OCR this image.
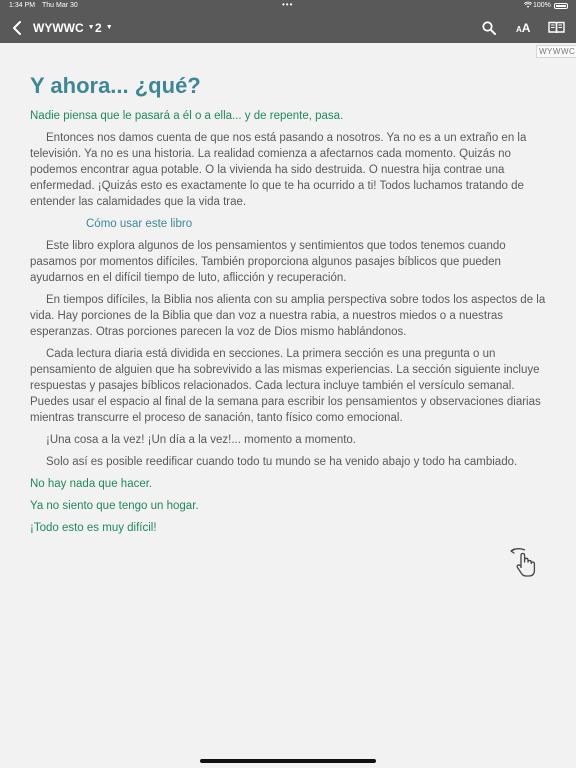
1:34 PM Thu Mar 30	•••	100%
WYWWC ▼ 2 ▼	AA
WYWWC
Y ahora... ¿qué?
Nadie piensa que le pasará a él o a ella... y de repente, pasa.

Entonces nos damos cuenta de que nos está pasando a nosotros. Ya no es a un extraño en la televisión. Ya no es una historia. La realidad comienza a afectarnos cada momento. Quizás no podemos encontrar agua potable. O la vivienda ha sido destruida. O nuestra hija contrae una enfermedad. ¡Quizás esto es exactamente lo que te ha ocurrido a ti! Todos luchamos tratando de entender las calamidades que la vida trae.

Cómo usar este libro

Este libro explora algunos de los pensamientos y sentimientos que todos tenemos cuando pasamos por momentos difíciles. También proporciona algunos pasajes bíblicos que pueden ayudarnos en el difícil tiempo de luto, aflicción y recuperación.

En tiempos difíciles, la Biblia nos alienta con su amplia perspectiva sobre todos los aspectos de la vida. Hay porciones de la Biblia que dan voz a nuestra rabia, a nuestros miedos o a nuestras esperanzas. Otras porciones parecen la voz de Dios mismo hablándonos.

Cada lectura diaria está dividida en secciones. La primera sección es una pregunta o un pensamiento de alguien que ha sobrevivido a las mismas experiencias. La sección siguiente incluye respuestas y pasajes bíblicos relacionados. Cada lectura incluye también el versículo semanal. Puedes usar el espacio al final de la semana para escribir los pensamientos y observaciones diarias mientras transcurre el proceso de sanación, tanto físico como emocional.

¡Una cosa a la vez! ¡Un día a la vez!... momento a momento.

Solo así es posible reedificar cuando todo tu mundo se ha venido abajo y todo ha cambiado.

No hay nada que hacer.
Ya no siento que tengo un hogar.
¡Todo esto es muy difícil!
